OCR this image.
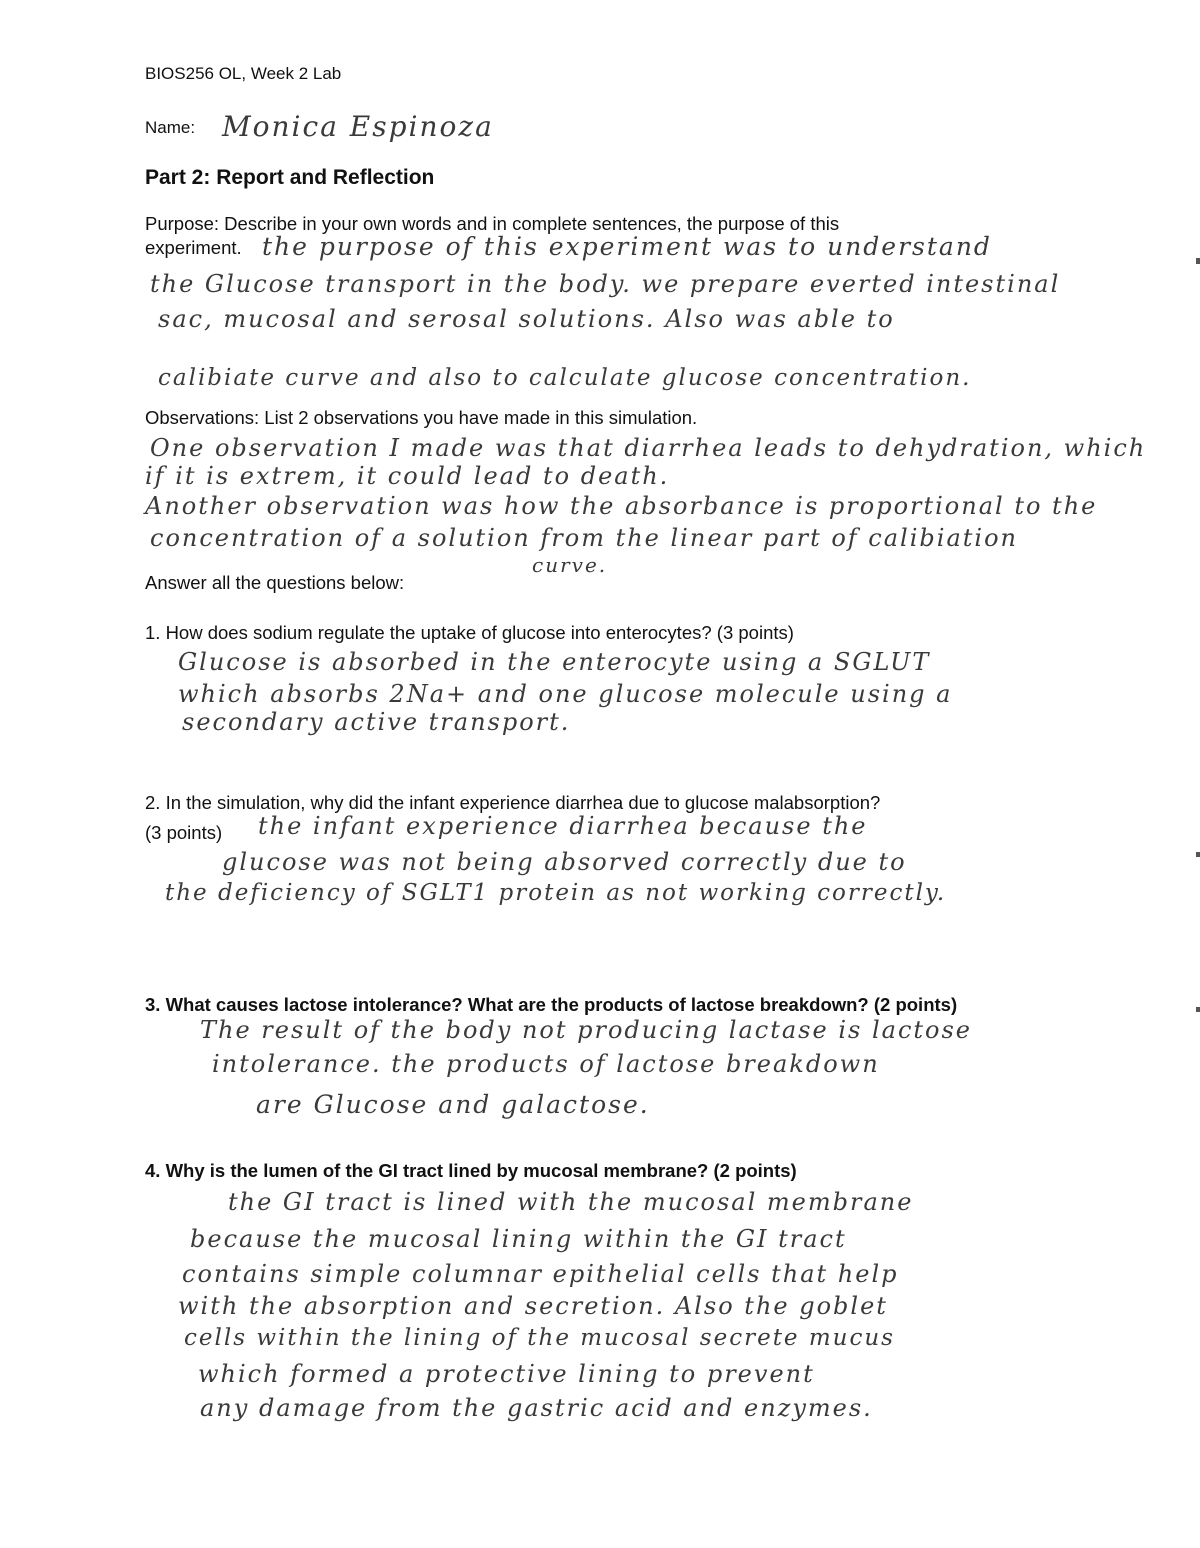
BIOS256 OL, Week 2 Lab
Name: Monica Espinoza
Part 2: Report and Reflection
Purpose: Describe in your own words and in complete sentences, the purpose of this
experiment. the purpose of this experiment was to understand
the Glucose transport in the body. we prepare everted intestinal
sac, mucosal and serosal solutions. Also was able to
calibiate curve and also to calculate glucose concentration.
Observations: List 2 observations you have made in this simulation.
One observation I made was that diarrhea leads to dehydration, which
if it is extrem, it could lead to death.
Another observation was how the absorbance is proportional to the
concentration of a solution from the linear part of calibiation
curve.
Answer all the questions below:
1. How does sodium regulate the uptake of glucose into enterocytes? (3 points)
Glucose is absorbed in the enterocyte using a SGLUT
which absorbs 2Na+ and one glucose molecule using a
secondary active transport.
2. In the simulation, why did the infant experience diarrhea due to glucose malabsorption?
(3 points) the infant experience diarrhea because the
glucose was not being absorved correctly due to
the deficiency of SGLT1 protein as not working correctly.
3. What causes lactose intolerance? What are the products of lactose breakdown? (2 points)
The result of the body not producing lactase is lactose
intolerance. the products of lactose breakdown
are Glucose and galactose.
4. Why is the lumen of the GI tract lined by mucosal membrane? (2 points)
the GI tract is lined with the mucosal membrane
because the mucosal lining within the GI tract
contains simple columnar epithelial cells that help
with the absorption and secretion. Also the goblet
cells within the lining of the mucosal secrete mucus
which formed a protective lining to prevent
any damage from the gastric acid and enzymes.
